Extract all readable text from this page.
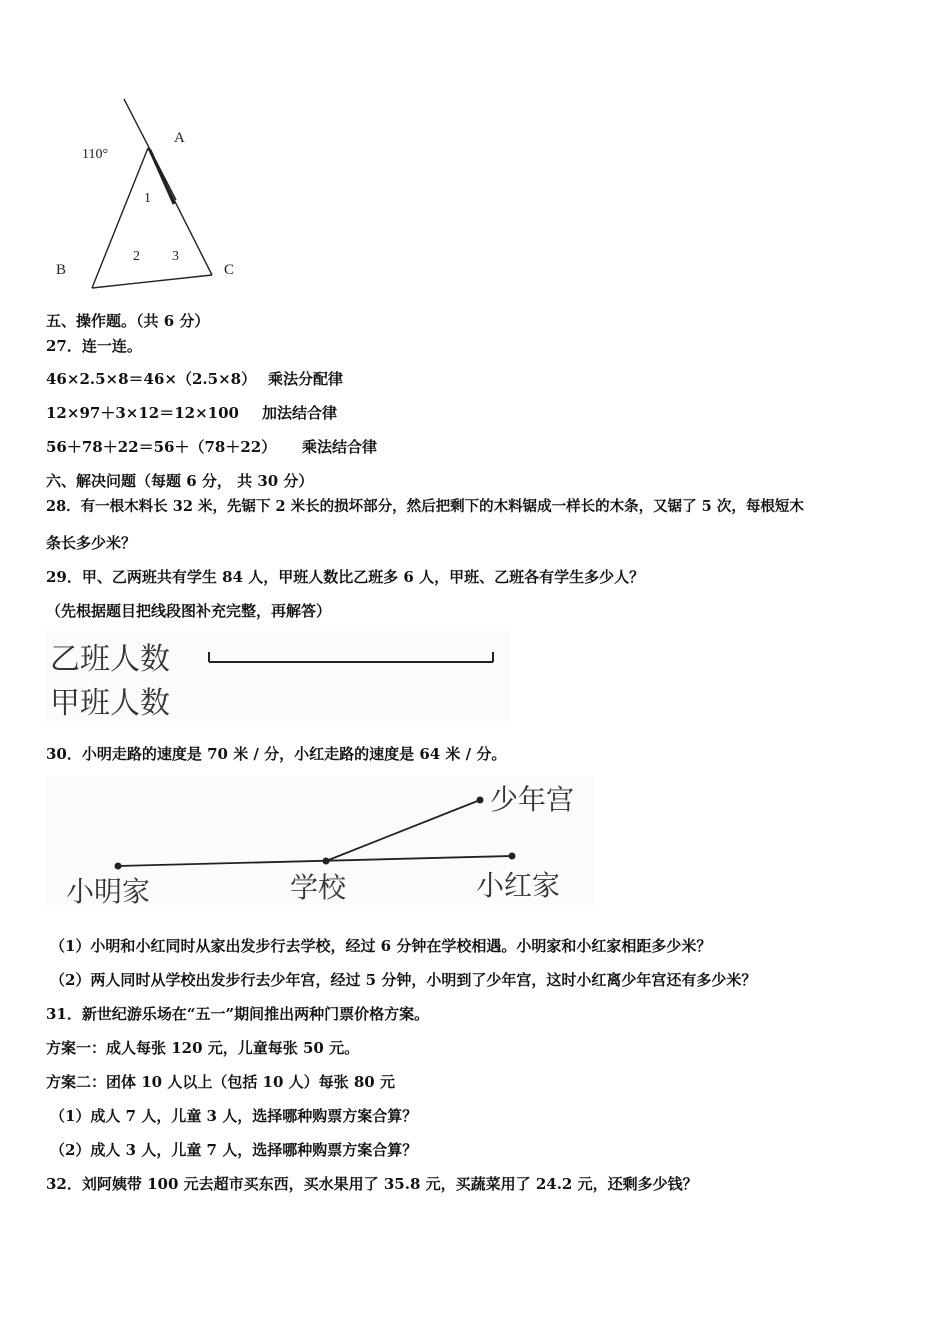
110°
A
B	C
1
2 3
五、操作题。（共 6 分）
27．连一连。
46×2.5×8＝46×（2.5×8） 乘法分配律
12×97＋3×12＝12×100 加法结合律
56＋78＋22＝56＋（78＋22） 乘法结合律
六、解决问题（每题 6 分， 共 30 分）
28．有一根木料长 32 米，先锯下 2 米长的损坏部分，然后把剩下的木料锯成一样长的木条，又锯了 5 次，每根短木
条长多少米？
29．甲、乙两班共有学生 84 人，甲班人数比乙班多 6 人，甲班、乙班各有学生多少人？
（先根据题目把线段图补充完整，再解答）
乙班人数
甲班人数
30．小明走路的速度是 70 米 / 分，小红走路的速度是 64 米 / 分。
少年宫
小明家	学校	小红家
（1）小明和小红同时从家出发步行去学校，经过 6 分钟在学校相遇。小明家和小红家相距多少米？
（2）两人同时从学校出发步行去少年宫，经过 5 分钟，小明到了少年宫，这时小红离少年宫还有多少米？
31．新世纪游乐场在“五一”期间推出两种门票价格方案。
方案一：成人每张 120 元，儿童每张 50 元。
方案二：团体 10 人以上（包括 10 人）每张 80 元
（1）成人 7 人，儿童 3 人，选择哪种购票方案合算？
（2）成人 3 人，儿童 7 人，选择哪种购票方案合算？
32．刘阿姨带 100 元去超市买东西，买水果用了 35.8 元，买蔬菜用了 24.2 元，还剩多少钱？
